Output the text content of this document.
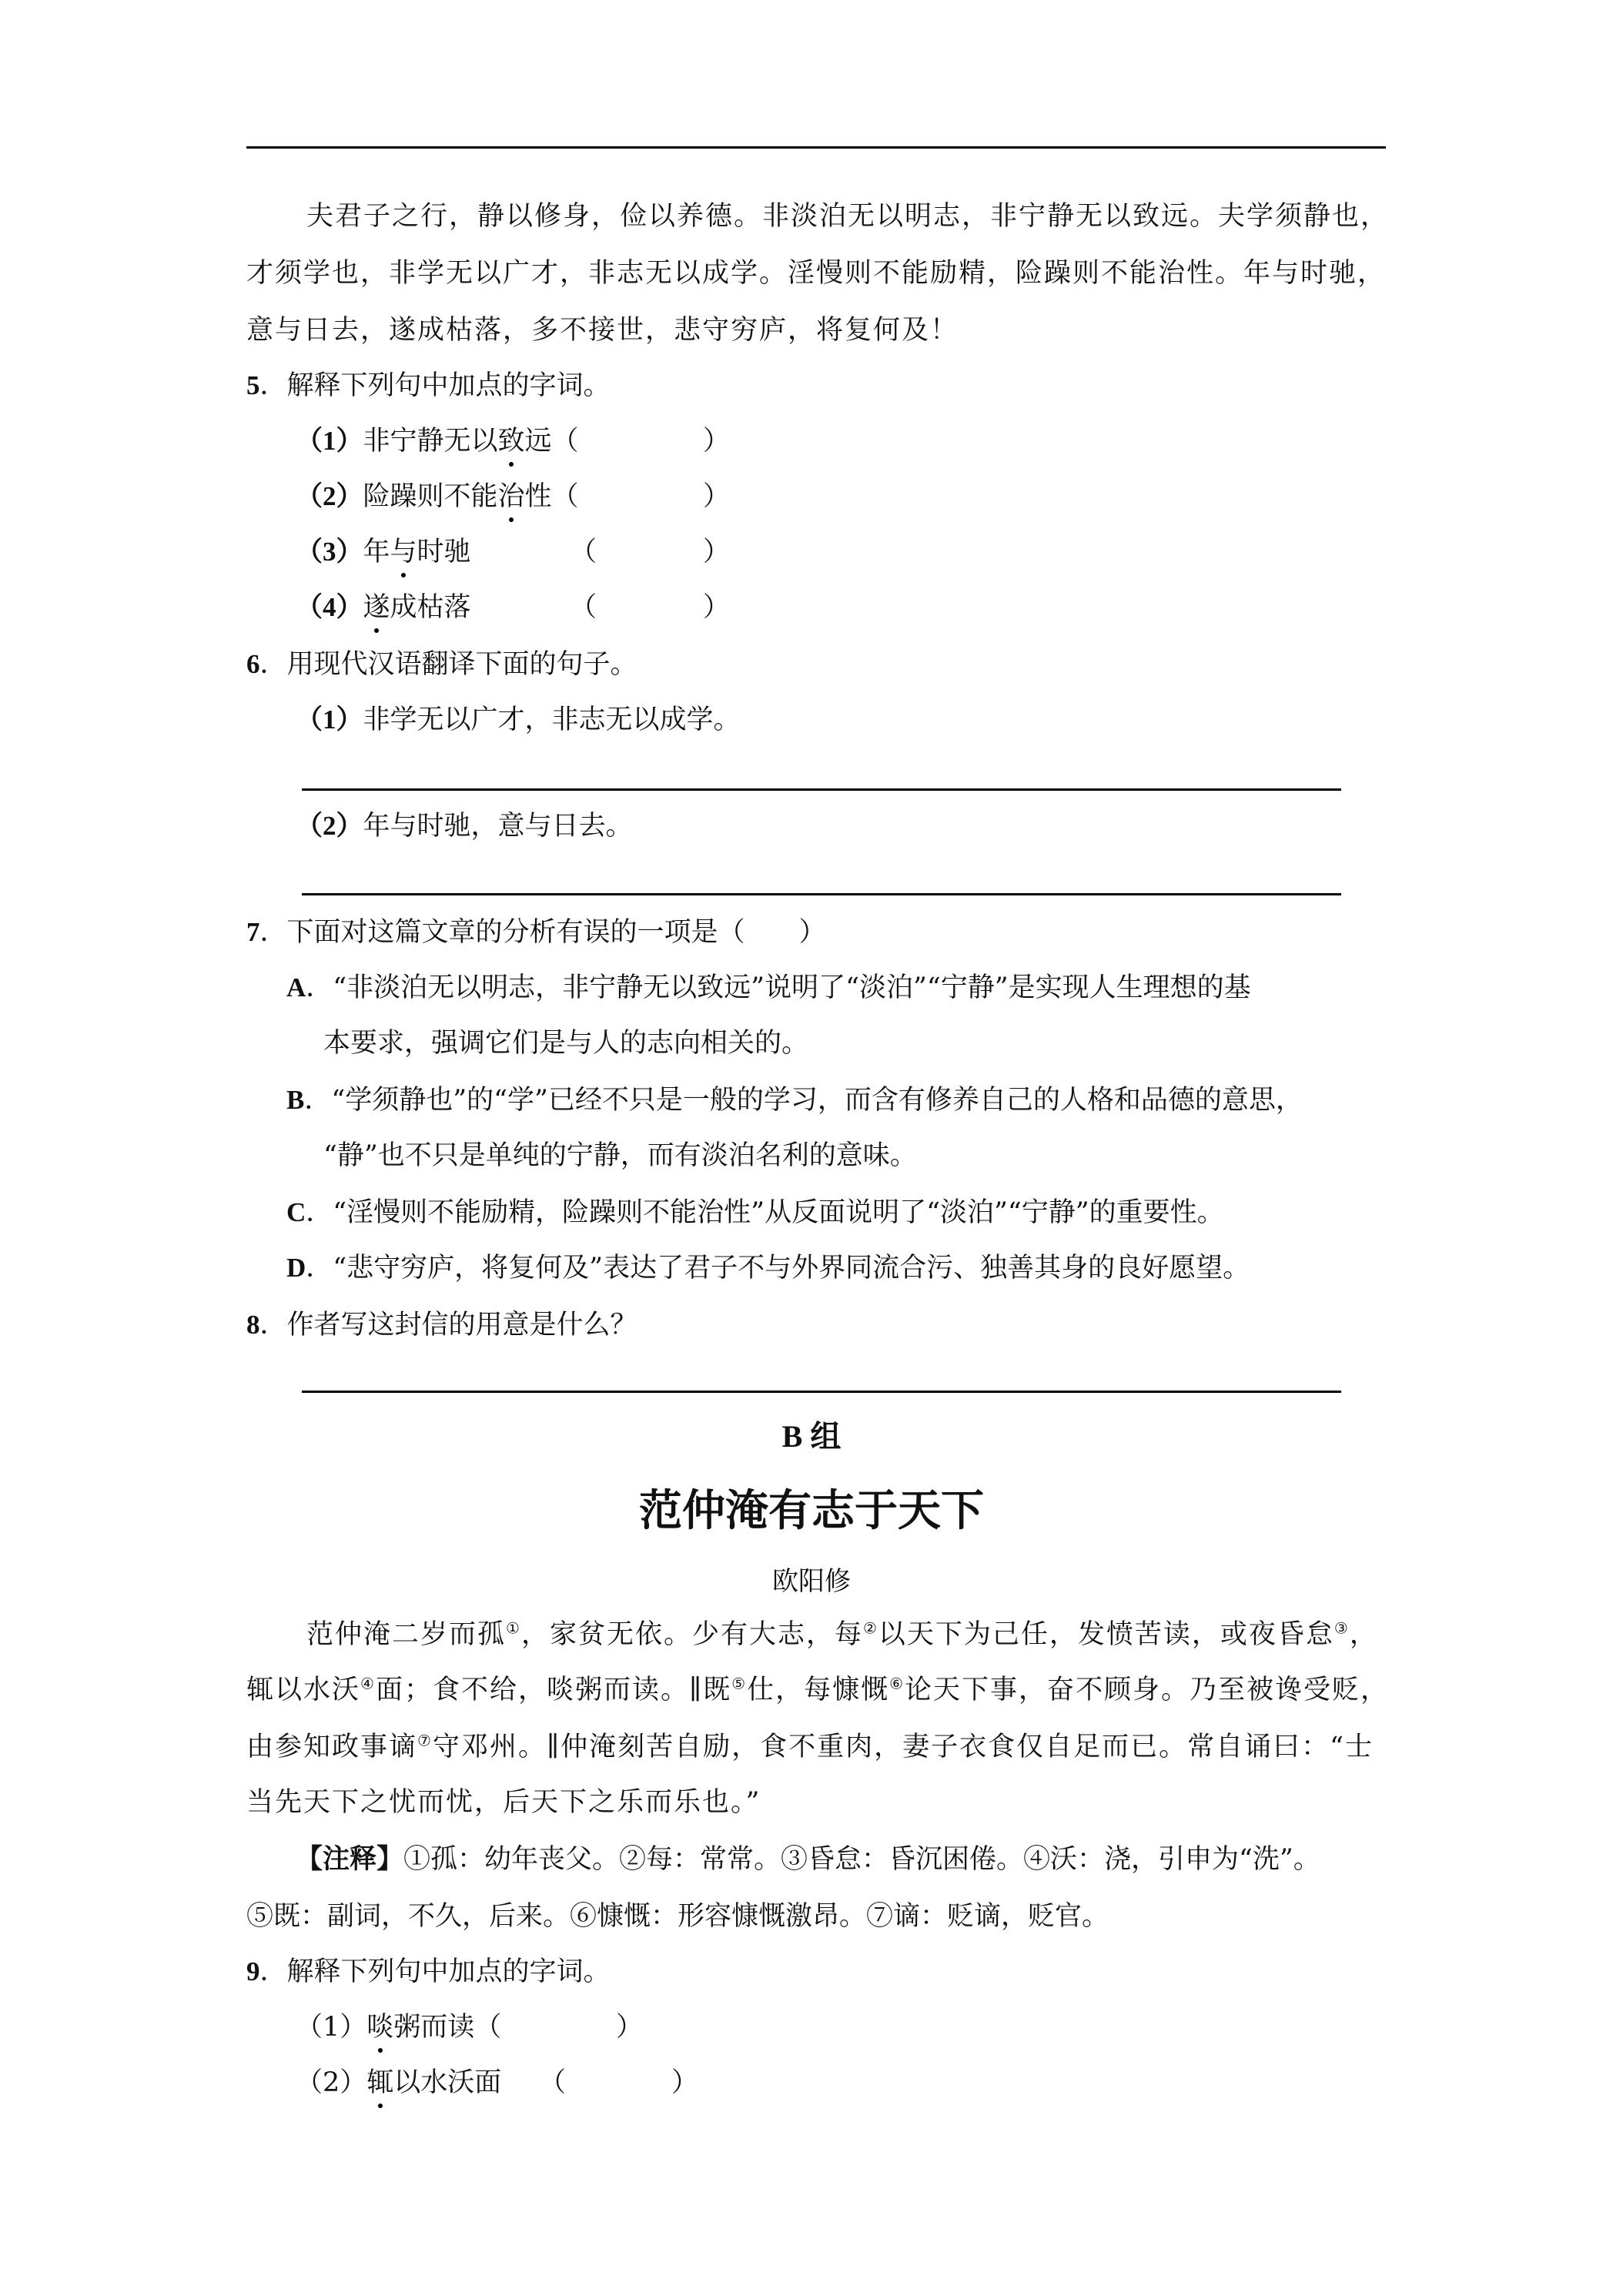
夫君子之行，静以修身，俭以养德。非淡泊无以明志，非宁静无以致远。夫学须静也，
才须学也，非学无以广才，非志无以成学。淫慢则不能励精，险躁则不能治性。年与时驰，
意与日去，遂成枯落，多不接世，悲守穷庐，将复何及！
5．解释下列句中加点的字词。
（1）非宁静无以致远（	）
（2）险躁则不能治性（	）
（3）年与时驰	（	）
（4）遂成枯落	（	）
6．用现代汉语翻译下面的句子。
（1）非学无以广才，非志无以成学。
（2）年与时驰，意与日去。
7．下面对这篇文章的分析有误的一项是（　　）
A．“非淡泊无以明志，非宁静无以致远”说明了“淡泊”“宁静”是实现人生理想的基
本要求，强调它们是与人的志向相关的。
B．“学须静也”的“学”已经不只是一般的学习，而含有修养自己的人格和品德的意思，
“静”也不只是单纯的宁静，而有淡泊名利的意味。
C．“淫慢则不能励精，险躁则不能治性”从反面说明了“淡泊”“宁静”的重要性。
D．“悲守穷庐，将复何及”表达了君子不与外界同流合污、独善其身的良好愿望。
8．作者写这封信的用意是什么？
B 组
范仲淹有志于天下
欧阳修
范仲淹二岁而孤①，家贫无依。少有大志，每②以天下为己任，发愤苦读，或夜昏怠③，
辄以水沃④面；食不给，啖粥而读。∥既⑤仕，每慷慨⑥论天下事，奋不顾身。乃至被谗受贬，
由参知政事谪⑦守邓州。∥仲淹刻苦自励，食不重肉，妻子衣食仅自足而已。常自诵曰：“士
当先天下之忧而忧，后天下之乐而乐也。”
【注释】①孤：幼年丧父。②每：常常。③昏怠：昏沉困倦。④沃：浇，引申为“洗”。
⑤既：副词，不久，后来。⑥慷慨：形容慷慨激昂。⑦谪：贬谪，贬官。
9．解释下列句中加点的字词。
（1）啖粥而读（	）
（2）辄以水沃面 （	）
